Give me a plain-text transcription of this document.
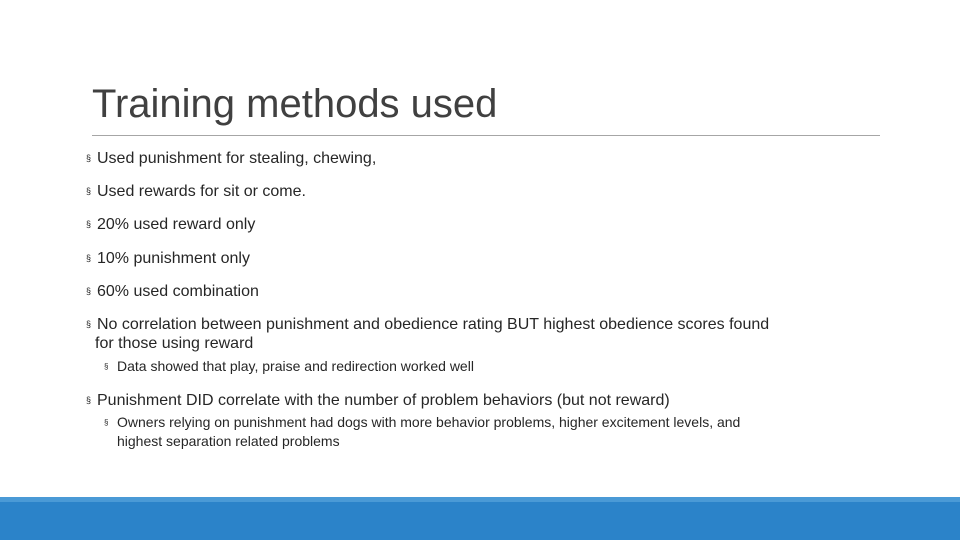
Training methods used
§ Used punishment for stealing, chewing,
§ Used rewards for sit or come.
§ 20% used reward only
§ 10% punishment only
§ 60% used combination
§ No correlation between punishment and obedience rating BUT highest obedience scores found
for those using reward
§ Data showed that play, praise and redirection worked well
§ Punishment DID correlate with the number of problem behaviors (but not reward)
§ Owners relying on punishment had dogs with more behavior problems, higher excitement levels, and
highest separation related problems
